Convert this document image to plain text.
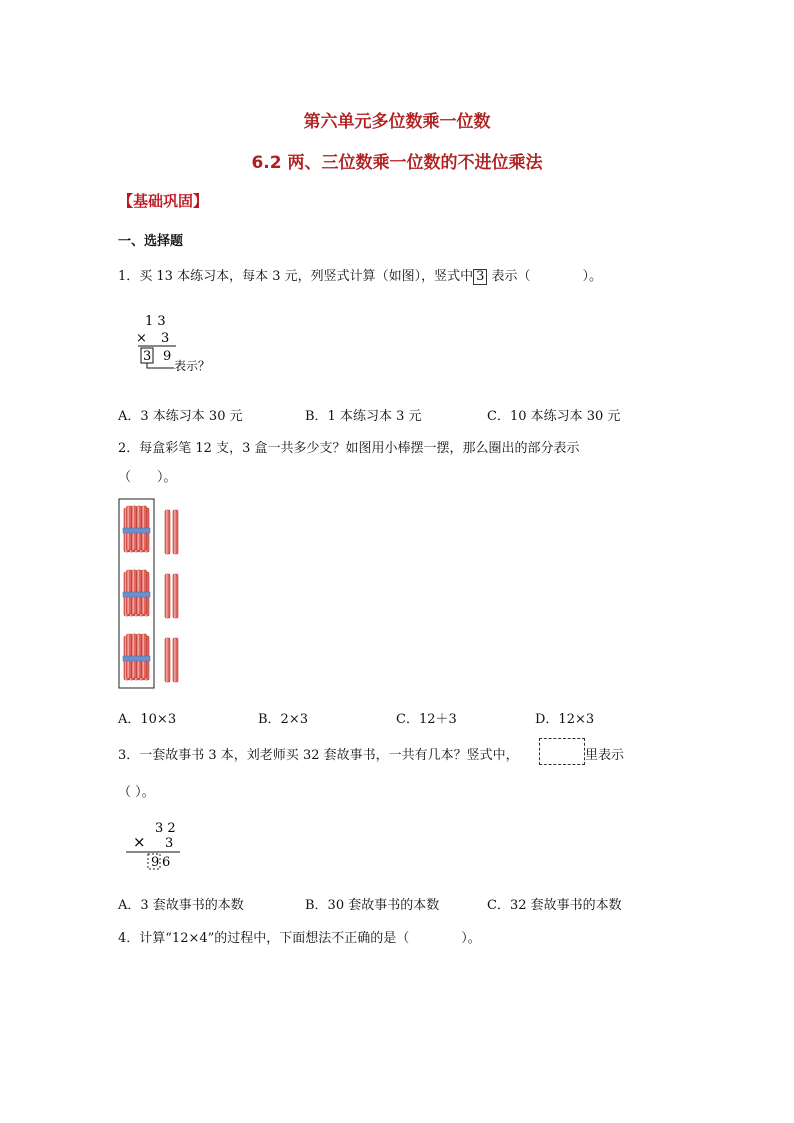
第六单元多位数乘一位数
6.2 两、三位数乘一位数的不进位乘法
【基础巩固】
一、选择题
1．买 13 本练习本，每本 3 元，列竖式计算（如图），竖式中 3 表示（　　　　）。
1 3
× 3
3 9
表示？
A．3 本练习本 30 元	B．1 本练习本 3 元	C．10 本练习本 30 元
2．每盒彩笔 12 支，3 盒一共多少支？如图用小棒摆一摆，那么圈出的部分表示
（　　）。
A．10×3	B．2×3	C．12＋3	D．12×3
3．一套故事书 3 本，刘老师买 32 套故事书，一共有几本？竖式中，	里表示
（ ）。
3 2
× 3
9 6
A．3 套故事书的本数	B．30 套故事书的本数	C．32 套故事书的本数
4．计算“12×4”的过程中，下面想法不正确的是（　　　　）。
